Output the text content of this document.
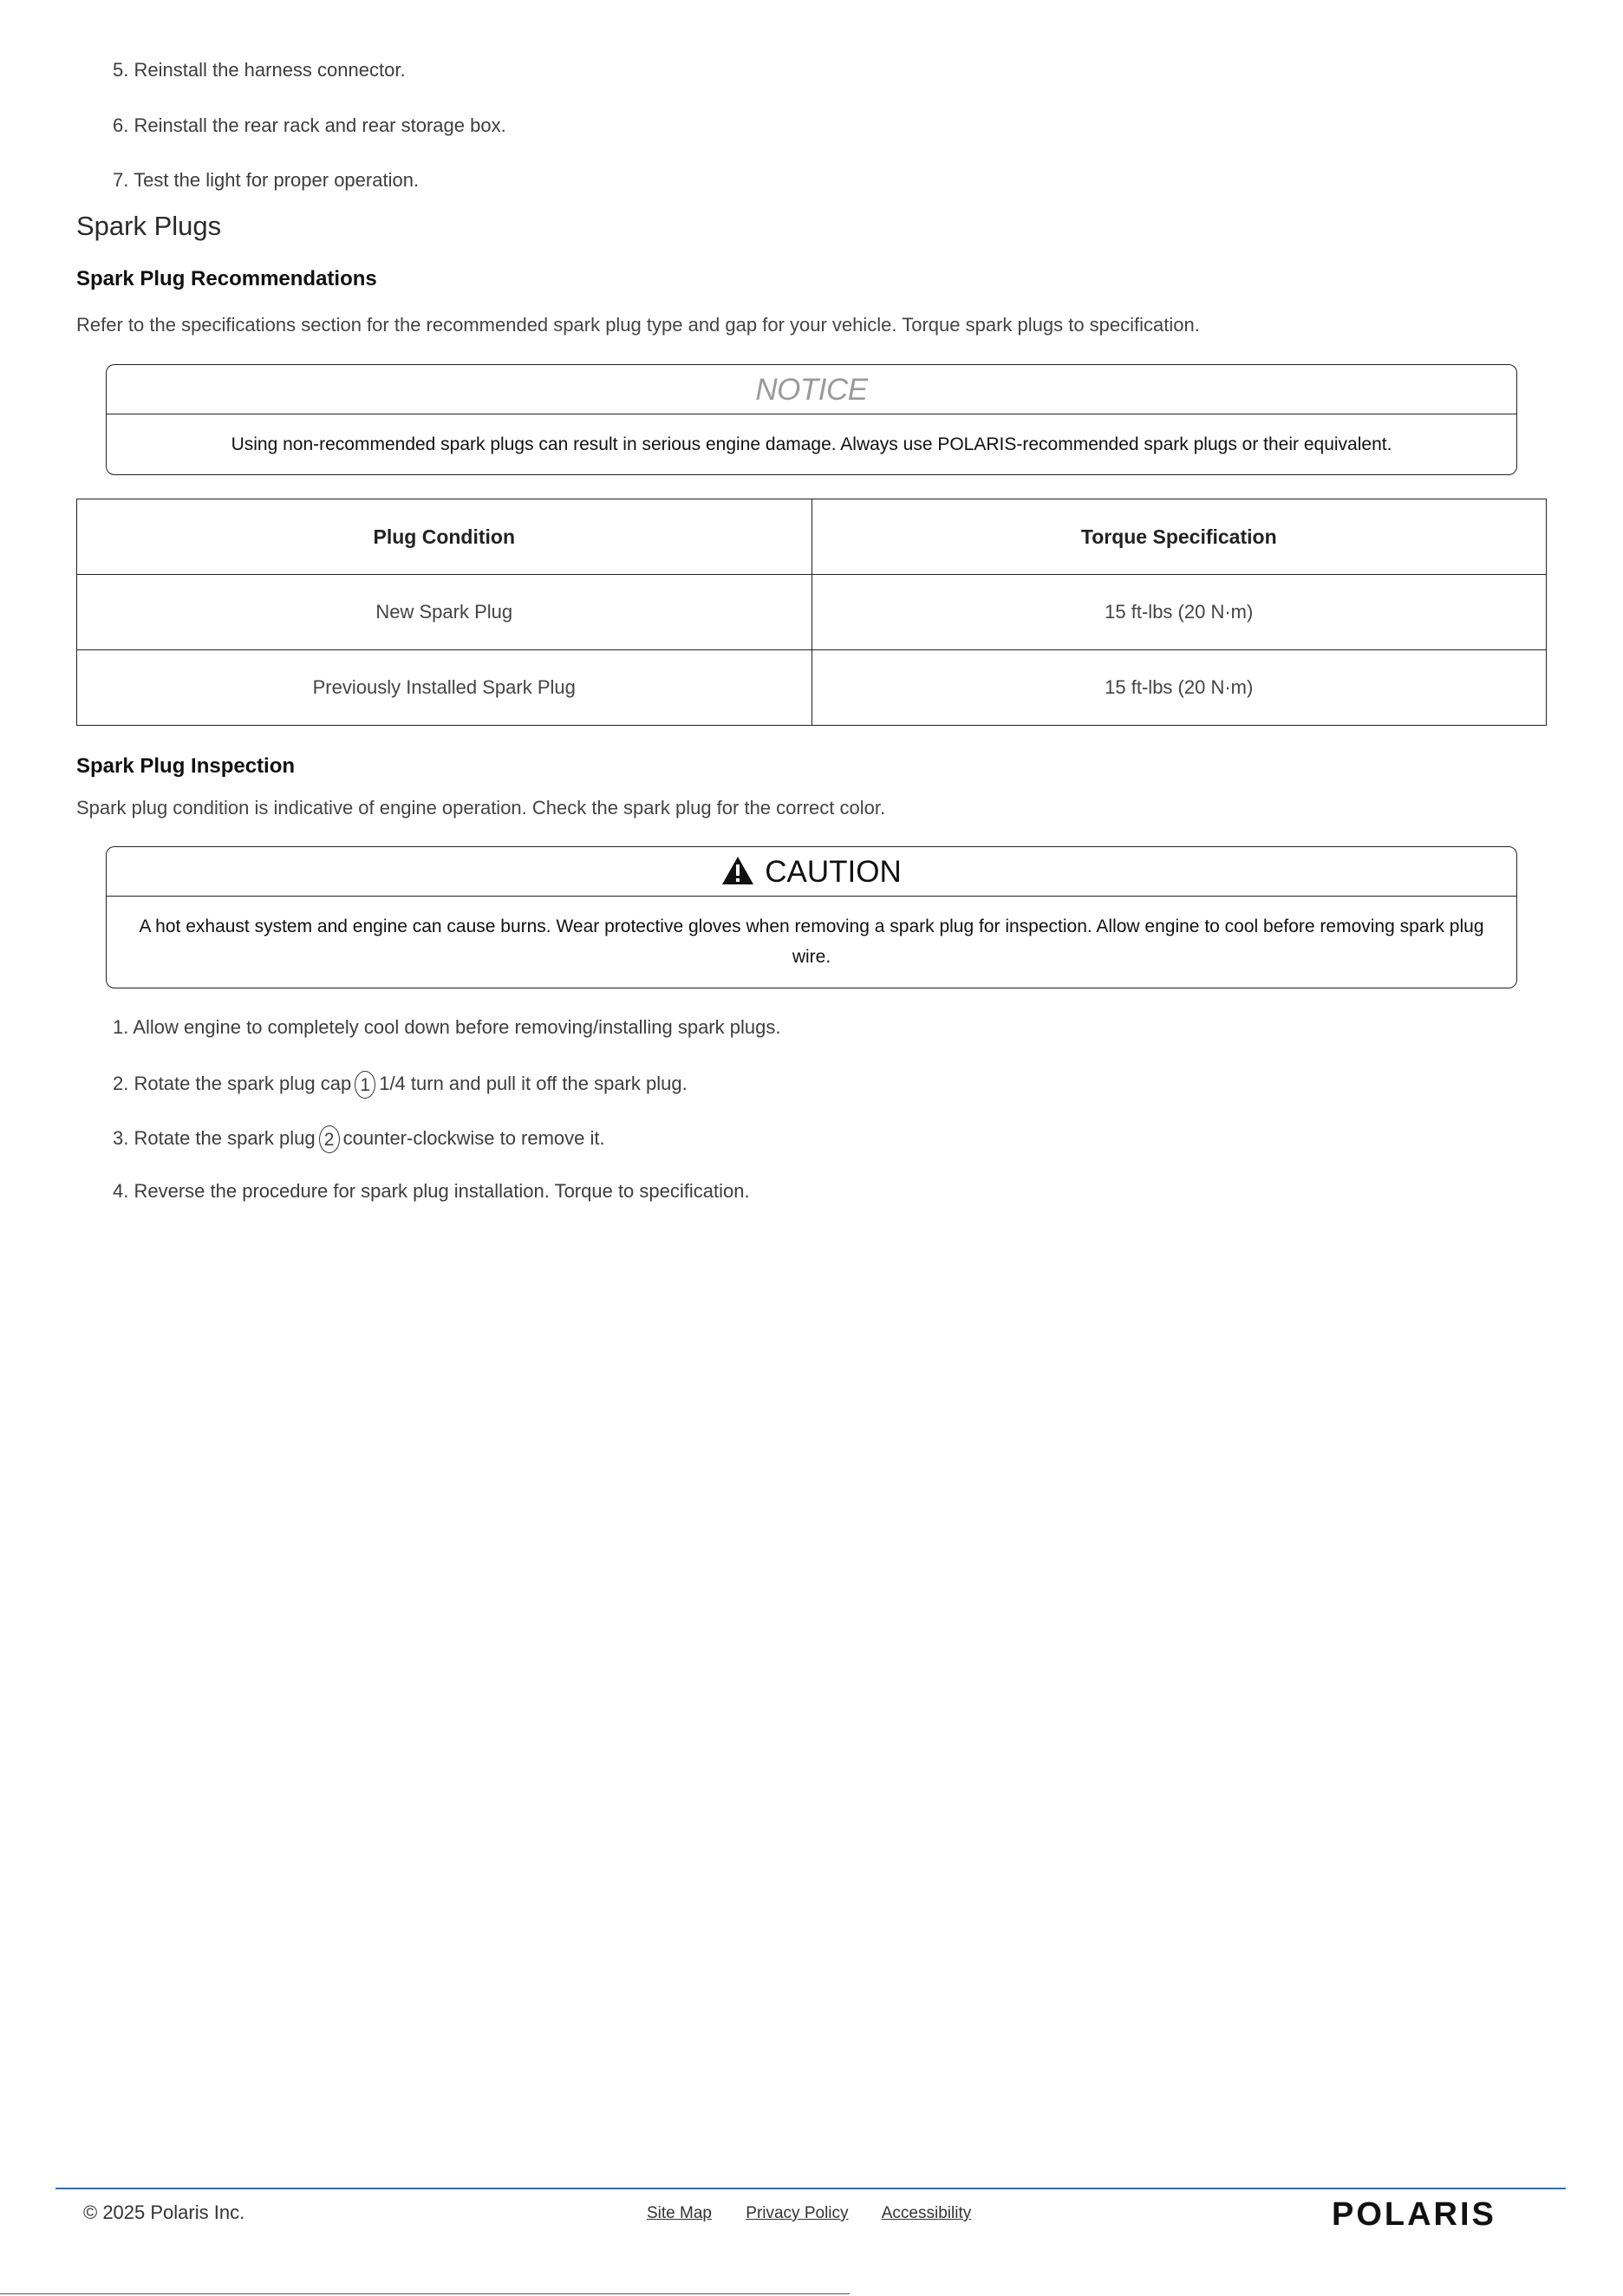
5. Reinstall the harness connector.
6. Reinstall the rear rack and rear storage box.
7. Test the light for proper operation.
Spark Plugs
Spark Plug Recommendations
Refer to the specifications section for the recommended spark plug type and gap for your vehicle. Torque spark plugs to specification.
NOTICE
Using non-recommended spark plugs can result in serious engine damage. Always use POLARIS-recommended spark plugs or their equivalent.
Plug Condition	Torque Specification
New Spark Plug	15 ft-lbs (20 N·m)
Previously Installed Spark Plug	15 ft-lbs (20 N·m)
Spark Plug Inspection
Spark plug condition is indicative of engine operation. Check the spark plug for the correct color.
CAUTION
A hot exhaust system and engine can cause burns. Wear protective gloves when removing a spark plug for inspection. Allow engine to cool before removing spark plug wire.
1. Allow engine to completely cool down before removing/installing spark plugs.
2. Rotate the spark plug cap 1 1/4 turn and pull it off the spark plug.
3. Rotate the spark plug 2 counter-clockwise to remove it.
4. Reverse the procedure for spark plug installation. Torque to specification.
© 2025 Polaris Inc.	Site Map Privacy Policy Accessibility	POLARIS
